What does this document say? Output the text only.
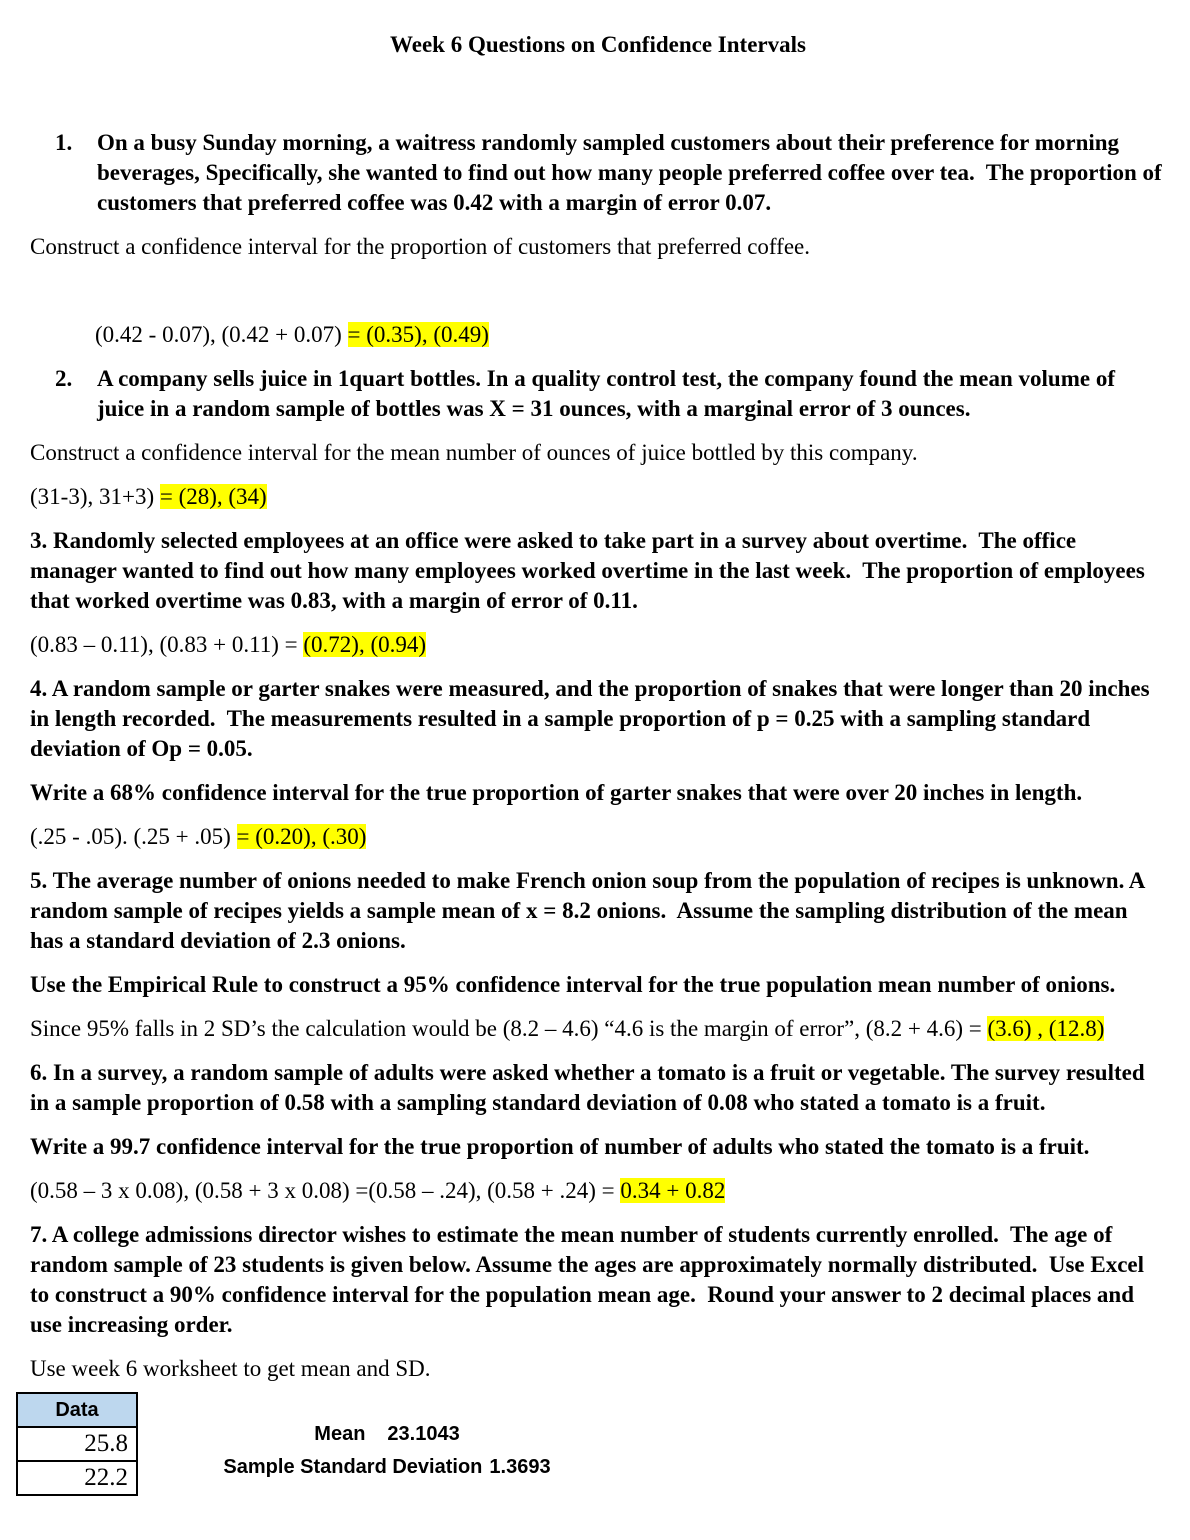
Week 6 Questions on Confidence Intervals
1.	On a busy Sunday morning, a waitress randomly sampled customers about their preference for morning beverages, Specifically, she wanted to find out how many people preferred coffee over tea.  The proportion of customers that preferred coffee was 0.42 with a margin of error 0.07.

Construct a confidence interval for the proportion of customers that preferred coffee.

(0.42 - 0.07), (0.42 + 0.07) = (0.35), (0.49)

2.	A company sells juice in 1quart bottles. In a quality control test, the company found the mean volume of juice in a random sample of bottles was X = 31 ounces, with a marginal error of 3 ounces.

Construct a confidence interval for the mean number of ounces of juice bottled by this company.

(31-3), 31+3) = (28), (34)

3. Randomly selected employees at an office were asked to take part in a survey about overtime.  The office manager wanted to find out how many employees worked overtime in the last week.  The proportion of employees that worked overtime was 0.83, with a margin of error of 0.11.

(0.83 – 0.11), (0.83 + 0.11) = (0.72), (0.94)

4. A random sample or garter snakes were measured, and the proportion of snakes that were longer than 20 inches in length recorded.  The measurements resulted in a sample proportion of p = 0.25 with a sampling standard deviation of Op = 0.05.

Write a 68% confidence interval for the true proportion of garter snakes that were over 20 inches in length.

(.25 - .05). (.25 + .05) = (0.20), (.30)

5. The average number of onions needed to make French onion soup from the population of recipes is unknown. A random sample of recipes yields a sample mean of x = 8.2 onions.  Assume the sampling distribution of the mean has a standard deviation of 2.3 onions.

Use the Empirical Rule to construct a 95% confidence interval for the true population mean number of onions.

Since 95% falls in 2 SD’s the calculation would be (8.2 – 4.6) “4.6 is the margin of error”, (8.2 + 4.6) = (3.6) , (12.8)

6. In a survey, a random sample of adults were asked whether a tomato is a fruit or vegetable. The survey resulted in a sample proportion of 0.58 with a sampling standard deviation of 0.08 who stated a tomato is a fruit.

Write a 99.7 confidence interval for the true proportion of number of adults who stated the tomato is a fruit.

(0.58 – 3 x 0.08), (0.58 + 3 x 0.08) =(0.58 – .24), (0.58 + .24) = 0.34 + 0.82

7. A college admissions director wishes to estimate the mean number of students currently enrolled.  The age of random sample of 23 students is given below. Assume the ages are approximately normally distributed.  Use Excel to construct a 90% confidence interval for the population mean age.  Round your answer to 2 decimal places and use increasing order.

Use week 6 worksheet to get mean and SD.

Data
25.8
22.2
Mean 23.1043
Sample Standard Deviation 1.3693
